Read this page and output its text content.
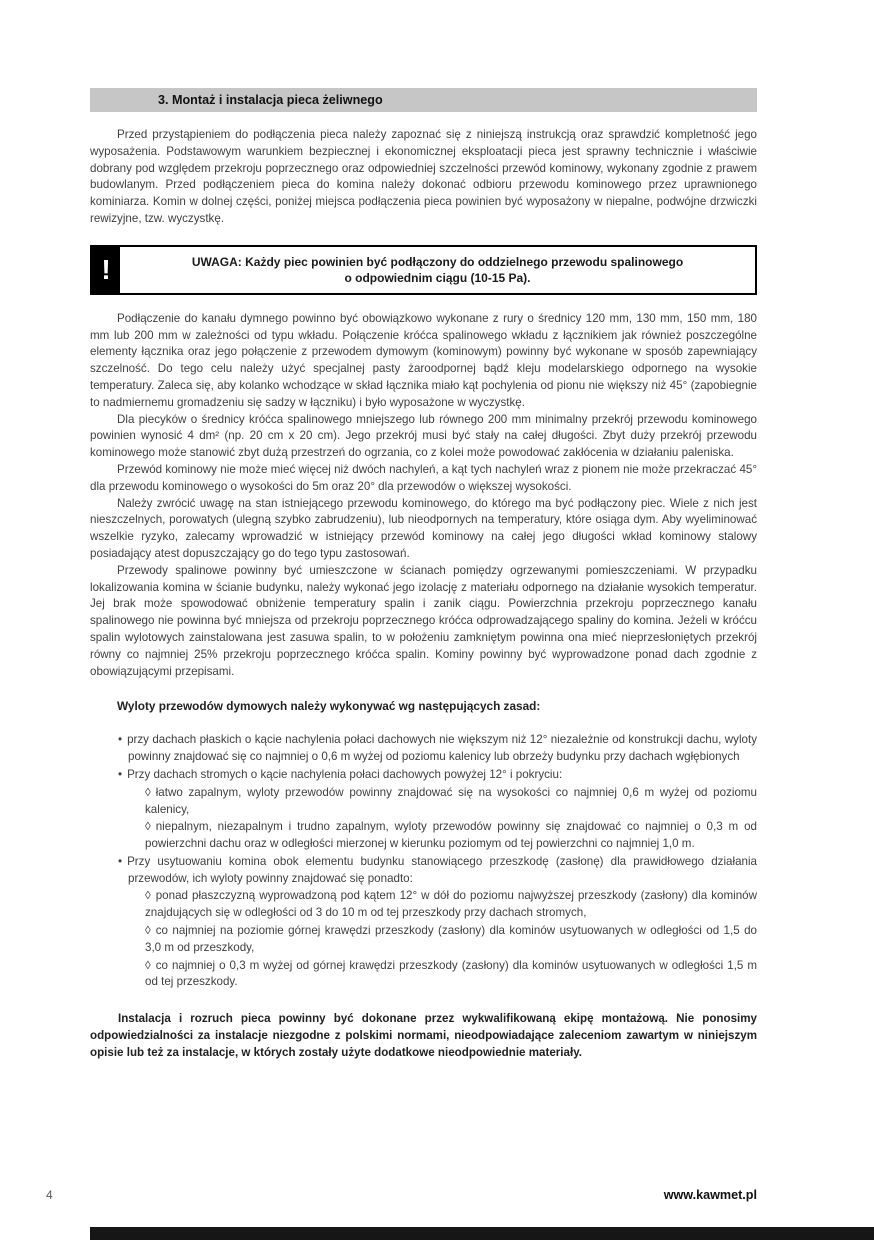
3. Montaż i instalacja pieca żeliwnego

Przed przystąpieniem do podłączenia pieca należy zapoznać się z niniejszą instrukcją oraz sprawdzić kompletność jego wyposażenia. Podstawowym warunkiem bezpiecznej i ekonomicznej eksploatacji pieca jest sprawny technicznie i właściwie dobrany pod względem przekroju poprzecznego oraz odpowiedniej szczelności przewód kominowy, wykonany zgodnie z prawem budowlanym. Przed podłączeniem pieca do komina należy dokonać odbioru przewodu kominowego przez uprawnionego kominiarza. Komin w dolnej części, poniżej miejsca podłączenia pieca powinien być wyposażony w niepalne, podwójne drzwiczki rewizyjne, tzw. wyczystkę.

!	UWAGA: Każdy piec powinien być podłączony do oddzielnego przewodu spalinowego
o odpowiednim ciągu (10-15 Pa).

Podłączenie do kanału dymnego powinno być obowiązkowo wykonane z rury o średnicy 120 mm, 130 mm, 150 mm, 180 mm lub 200 mm w zależności od typu wkładu. Połączenie króćca spalinowego wkładu z łącznikiem jak również poszczególne elementy łącznika oraz jego połączenie z przewodem dymowym (kominowym) powinny być wykonane w sposób zapewniający szczelność. Do tego celu należy użyć specjalnej pasty żaroodpornej bądź kleju modelarskiego odpornego na wysokie temperatury. Zaleca się, aby kolanko wchodzące w skład łącznika miało kąt pochylenia od pionu nie większy niż 45° (zapobiegnie to nadmiernemu gromadzeniu się sadzy w łączniku) i było wyposażone w wyczystkę.

Dla piecyków o średnicy króćca spalinowego mniejszego lub równego 200 mm minimalny przekrój przewodu kominowego powinien wynosić 4 dm² (np. 20 cm x 20 cm). Jego przekrój musi być stały na całej długości. Zbyt duży przekrój przewodu kominowego może stanowić zbyt dużą przestrzeń do ogrzania, co z kolei może powodować zakłócenia w działaniu paleniska.

Przewód kominowy nie może mieć więcej niż dwóch nachyleń, a kąt tych nachyleń wraz z pionem nie może przekraczać 45° dla przewodu kominowego o wysokości do 5m oraz 20° dla przewodów o większej wysokości.

Należy zwrócić uwagę na stan istniejącego przewodu kominowego, do którego ma być podłączony piec. Wiele z nich jest nieszczelnych, porowatych (ulegną szybko zabrudzeniu), lub nieodpornych na temperatury, które osiąga dym. Aby wyeliminować wszelkie ryzyko, zalecamy wprowadzić w istniejący przewód kominowy na całej jego długości wkład kominowy stalowy posiadający atest dopuszczający go do tego typu zastosowań.

Przewody spalinowe powinny być umieszczone w ścianach pomiędzy ogrzewanymi pomieszczeniami. W przypadku lokalizowania komina w ścianie budynku, należy wykonać jego izolację z materiału odpornego na działanie wysokich temperatur. Jej brak może spowodować obniżenie temperatury spalin i zanik ciągu. Powierzchnia przekroju poprzecznego kanału spalinowego nie powinna być mniejsza od przekroju poprzecznego króćca odprowadzającego spaliny do komina. Jeżeli w króćcu spalin wylotowych zainstalowana jest zasuwa spalin, to w położeniu zamkniętym powinna ona mieć nieprzesłoniętych przekrój równy co najmniej 25% przekroju poprzecznego króćca spalin. Kominy powinny być wyprowadzone ponad dach zgodnie z obowiązującymi przepisami.

Wyloty przewodów dymowych należy wykonywać wg następujących zasad:

• przy dachach płaskich o kącie nachylenia połaci dachowych nie większym niż 12° niezależnie od konstrukcji dachu, wyloty powinny znajdować się co najmniej o 0,6 m wyżej od poziomu kalenicy lub obrzeży budynku przy dachach wgłębionych
• Przy dachach stromych o kącie nachylenia połaci dachowych powyżej 12° i pokryciu:
◊ łatwo zapalnym, wyloty przewodów powinny znajdować się na wysokości co najmniej 0,6 m wyżej od poziomu kalenicy,
◊ niepalnym, niezapalnym i trudno zapalnym, wyloty przewodów powinny się znajdować co najmniej o 0,3 m od powierzchni dachu oraz w odległości mierzonej w kierunku poziomym od tej powierzchni co najmniej 1,0 m.
• Przy usytuowaniu komina obok elementu budynku stanowiącego przeszkodę (zasłonę) dla prawidłowego działania przewodów, ich wyloty powinny znajdować się ponadto:
◊ ponad płaszczyzną wyprowadzoną pod kątem 12° w dół do poziomu najwyższej przeszkody (zasłony) dla kominów znajdujących się w odległości od 3 do 10 m od tej przeszkody przy dachach stromych,
◊ co najmniej na poziomie górnej krawędzi przeszkody (zasłony) dla kominów usytuowanych w odległości od 1,5 do 3,0 m od przeszkody,
◊ co najmniej o 0,3 m wyżej od górnej krawędzi przeszkody (zasłony) dla kominów usytuowanych w odległości 1,5 m od tej przeszkody.

Instalacja i rozruch pieca powinny być dokonane przez wykwalifikowaną ekipę montażową. Nie ponosimy odpowiedzialności za instalacje niezgodne z polskimi normami, nieodpowiadające zaleceniom zawartym w niniejszym opisie lub też za instalacje, w których zostały użyte dodatkowe nieodpowiednie materiały.

4	www.kawmet.pl
